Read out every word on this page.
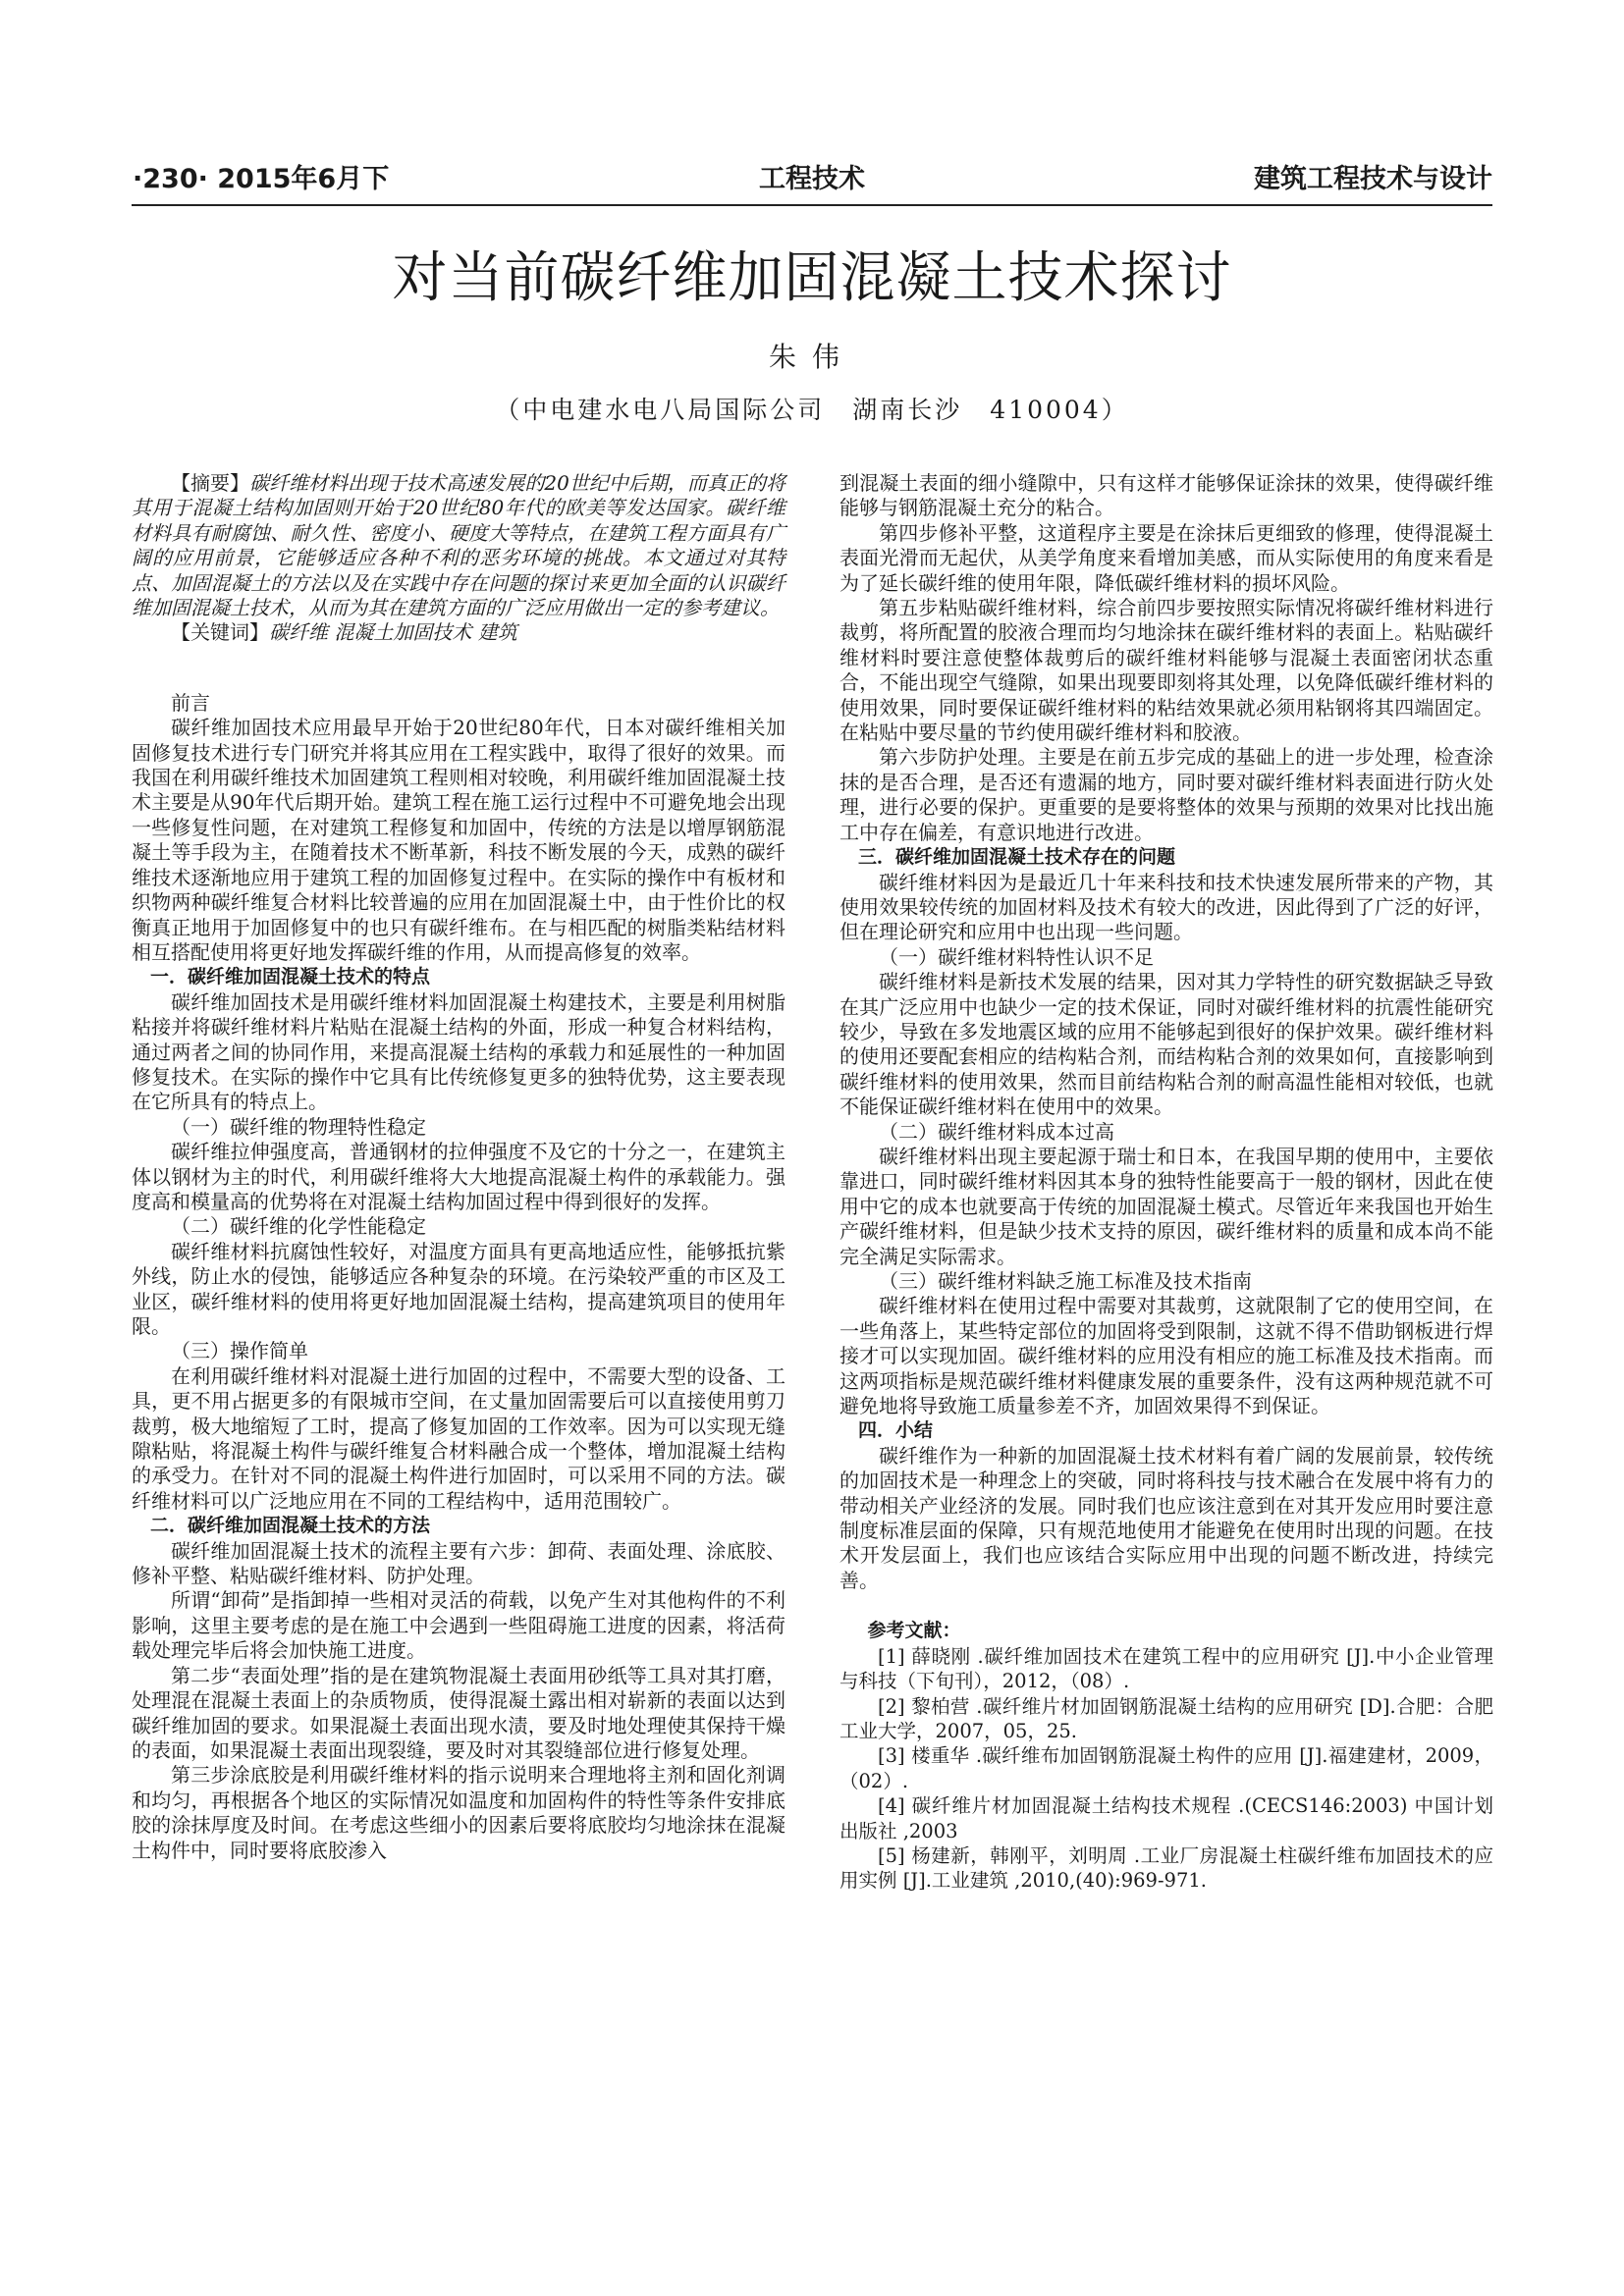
·230· 2015年6月下	工程技术	建筑工程技术与设计
对当前碳纤维加固混凝土技术探讨
朱伟
（中电建水电八局国际公司　湖南长沙　410004）

【摘要】碳纤维材料出现于技术高速发展的20世纪中后期，而真正的将其用于混凝土结构加固则开始于20世纪80年代的欧美等发达国家。碳纤维材料具有耐腐蚀、耐久性、密度小、硬度大等特点，在建筑工程方面具有广阔的应用前景，它能够适应各种不利的恶劣环境的挑战。本文通过对其特点、加固混凝土的方法以及在实践中存在问题的探讨来更加全面的认识碳纤维加固混凝土技术，从而为其在建筑方面的广泛应用做出一定的参考建议。

【关键词】碳纤维 混凝土加固技术 建筑

前言

碳纤维加固技术应用最早开始于20世纪80年代，日本对碳纤维相关加固修复技术进行专门研究并将其应用在工程实践中，取得了很好的效果。而我国在利用碳纤维技术加固建筑工程则相对较晚，利用碳纤维加固混凝土技术主要是从90年代后期开始。建筑工程在施工运行过程中不可避免地会出现一些修复性问题，在对建筑工程修复和加固中，传统的方法是以增厚钢筋混凝土等手段为主，在随着技术不断革新，科技不断发展的今天，成熟的碳纤维技术逐渐地应用于建筑工程的加固修复过程中。在实际的操作中有板材和织物两种碳纤维复合材料比较普遍的应用在加固混凝土中，由于性价比的权衡真正地用于加固修复中的也只有碳纤维布。在与相匹配的树脂类粘结材料相互搭配使用将更好地发挥碳纤维的作用，从而提高修复的效率。

一．碳纤维加固混凝土技术的特点

碳纤维加固技术是用碳纤维材料加固混凝土构建技术，主要是利用树脂粘接并将碳纤维材料片粘贴在混凝土结构的外面，形成一种复合材料结构，通过两者之间的协同作用，来提高混凝土结构的承载力和延展性的一种加固修复技术。在实际的操作中它具有比传统修复更多的独特优势，这主要表现在它所具有的特点上。

（一）碳纤维的物理特性稳定

碳纤维拉伸强度高，普通钢材的拉伸强度不及它的十分之一，在建筑主体以钢材为主的时代，利用碳纤维将大大地提高混凝土构件的承载能力。强度高和模量高的优势将在对混凝土结构加固过程中得到很好的发挥。

（二）碳纤维的化学性能稳定

碳纤维材料抗腐蚀性较好，对温度方面具有更高地适应性，能够抵抗紫外线，防止水的侵蚀，能够适应各种复杂的环境。在污染较严重的市区及工业区，碳纤维材料的使用将更好地加固混凝土结构，提高建筑项目的使用年限。

（三）操作简单

在利用碳纤维材料对混凝土进行加固的过程中，不需要大型的设备、工具，更不用占据更多的有限城市空间，在丈量加固需要后可以直接使用剪刀裁剪，极大地缩短了工时，提高了修复加固的工作效率。因为可以实现无缝隙粘贴，将混凝土构件与碳纤维复合材料融合成一个整体，增加混凝土结构的承受力。在针对不同的混凝土构件进行加固时，可以采用不同的方法。碳纤维材料可以广泛地应用在不同的工程结构中，适用范围较广。

二．碳纤维加固混凝土技术的方法

碳纤维加固混凝土技术的流程主要有六步：卸荷、表面处理、涂底胶、修补平整、粘贴碳纤维材料、防护处理。

所谓“卸荷”是指卸掉一些相对灵活的荷载，以免产生对其他构件的不利影响，这里主要考虑的是在施工中会遇到一些阻碍施工进度的因素，将活荷载处理完毕后将会加快施工进度。

第二步“表面处理”指的是在建筑物混凝土表面用砂纸等工具对其打磨，处理混在混凝土表面上的杂质物质，使得混凝土露出相对崭新的表面以达到碳纤维加固的要求。如果混凝土表面出现水渍，要及时地处理使其保持干燥的表面，如果混凝土表面出现裂缝，要及时对其裂缝部位进行修复处理。

第三步涂底胶是利用碳纤维材料的指示说明来合理地将主剂和固化剂调和均匀，再根据各个地区的实际情况如温度和加固构件的特性等条件安排底胶的涂抹厚度及时间。在考虑这些细小的因素后要将底胶均匀地涂抹在混凝土构件中，同时要将底胶渗入

到混凝土表面的细小缝隙中，只有这样才能够保证涂抹的效果，使得碳纤维能够与钢筋混凝土充分的粘合。

第四步修补平整，这道程序主要是在涂抹后更细致的修理，使得混凝土表面光滑而无起伏，从美学角度来看增加美感，而从实际使用的角度来看是为了延长碳纤维的使用年限，降低碳纤维材料的损坏风险。

第五步粘贴碳纤维材料，综合前四步要按照实际情况将碳纤维材料进行裁剪，将所配置的胶液合理而均匀地涂抹在碳纤维材料的表面上。粘贴碳纤维材料时要注意使整体裁剪后的碳纤维材料能够与混凝土表面密闭状态重合，不能出现空气缝隙，如果出现要即刻将其处理，以免降低碳纤维材料的使用效果，同时要保证碳纤维材料的粘结效果就必须用粘钢将其四端固定。在粘贴中要尽量的节约使用碳纤维材料和胶液。

第六步防护处理。主要是在前五步完成的基础上的进一步处理，检查涂抹的是否合理，是否还有遗漏的地方，同时要对碳纤维材料表面进行防火处理，进行必要的保护。更重要的是要将整体的效果与预期的效果对比找出施工中存在偏差，有意识地进行改进。

三．碳纤维加固混凝土技术存在的问题

碳纤维材料因为是最近几十年来科技和技术快速发展所带来的产物，其使用效果较传统的加固材料及技术有较大的改进，因此得到了广泛的好评，但在理论研究和应用中也出现一些问题。

（一）碳纤维材料特性认识不足

碳纤维材料是新技术发展的结果，因对其力学特性的研究数据缺乏导致在其广泛应用中也缺少一定的技术保证，同时对碳纤维材料的抗震性能研究较少，导致在多发地震区域的应用不能够起到很好的保护效果。碳纤维材料的使用还要配套相应的结构粘合剂，而结构粘合剂的效果如何，直接影响到碳纤维材料的使用效果，然而目前结构粘合剂的耐高温性能相对较低，也就不能保证碳纤维材料在使用中的效果。

（二）碳纤维材料成本过高

碳纤维材料出现主要起源于瑞士和日本，在我国早期的使用中，主要依靠进口，同时碳纤维材料因其本身的独特性能要高于一般的钢材，因此在使用中它的成本也就要高于传统的加固混凝土模式。尽管近年来我国也开始生产碳纤维材料，但是缺少技术支持的原因，碳纤维材料的质量和成本尚不能完全满足实际需求。

（三）碳纤维材料缺乏施工标准及技术指南

碳纤维材料在使用过程中需要对其裁剪，这就限制了它的使用空间，在一些角落上，某些特定部位的加固将受到限制，这就不得不借助钢板进行焊接才可以实现加固。碳纤维材料的应用没有相应的施工标准及技术指南。而这两项指标是规范碳纤维材料健康发展的重要条件，没有这两种规范就不可避免地将导致施工质量参差不齐，加固效果得不到保证。

四．小结

碳纤维作为一种新的加固混凝土技术材料有着广阔的发展前景，较传统的加固技术是一种理念上的突破，同时将科技与技术融合在发展中将有力的带动相关产业经济的发展。同时我们也应该注意到在对其开发应用时要注意制度标准层面的保障，只有规范地使用才能避免在使用时出现的问题。在技术开发层面上，我们也应该结合实际应用中出现的问题不断改进，持续完善。

参考文献：

[1] 薛晓刚 .碳纤维加固技术在建筑工程中的应用研究 [J].中小企业管理与科技（下旬刊），2012，（08）.

[2] 黎柏营 .碳纤维片材加固钢筋混凝土结构的应用研究 [D].合肥：合肥工业大学，2007，05，25.

[3] 楼重华 .碳纤维布加固钢筋混凝土构件的应用 [J].福建建材，2009，（02）.

[4] 碳纤维片材加固混凝土结构技术规程 .(CECS146:2003) 中国计划出版社 ,2003

[5] 杨建新，韩刚平，刘明周 .工业厂房混凝土柱碳纤维布加固技术的应用实例 [J].工业建筑 ,2010,(40):969-971.
